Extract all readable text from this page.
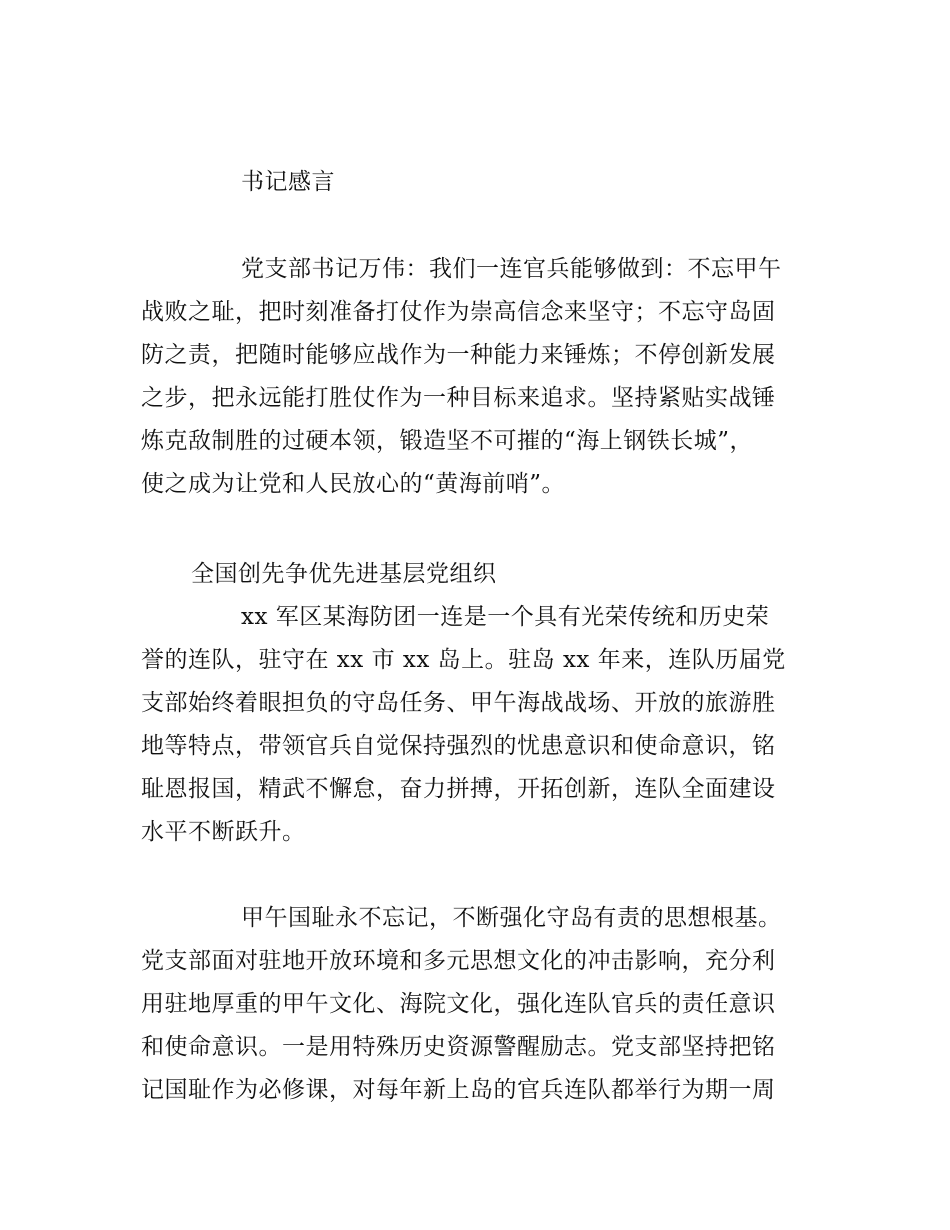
书记感言
党支部书记万伟：我们一连官兵能够做到：不忘甲午
战败之耻，把时刻准备打仗作为崇高信念来坚守；不忘守岛固
防之责，把随时能够应战作为一种能力来锤炼；不停创新发展
之步，把永远能打胜仗作为一种目标来追求。坚持紧贴实战锤
炼克敌制胜的过硬本领，锻造坚不可摧的“海上钢铁长城”，
使之成为让党和人民放心的“黄海前哨”。
全国创先争优先进基层党组织
xx 军区某海防团一连是一个具有光荣传统和历史荣
誉的连队，驻守在 xx 市 xx 岛上。驻岛 xx 年来，连队历届党
支部始终着眼担负的守岛任务、甲午海战战场、开放的旅游胜
地等特点，带领官兵自觉保持强烈的忧患意识和使命意识，铭
耻恩报国，精武不懈怠，奋力拼搏，开拓创新，连队全面建设
水平不断跃升。
甲午国耻永不忘记，不断强化守岛有责的思想根基。
党支部面对驻地开放环境和多元思想文化的冲击影响，充分利
用驻地厚重的甲午文化、海院文化，强化连队官兵的责任意识
和使命意识。一是用特殊历史资源警醒励志。党支部坚持把铭
记国耻作为必修课，对每年新上岛的官兵连队都举行为期一周
